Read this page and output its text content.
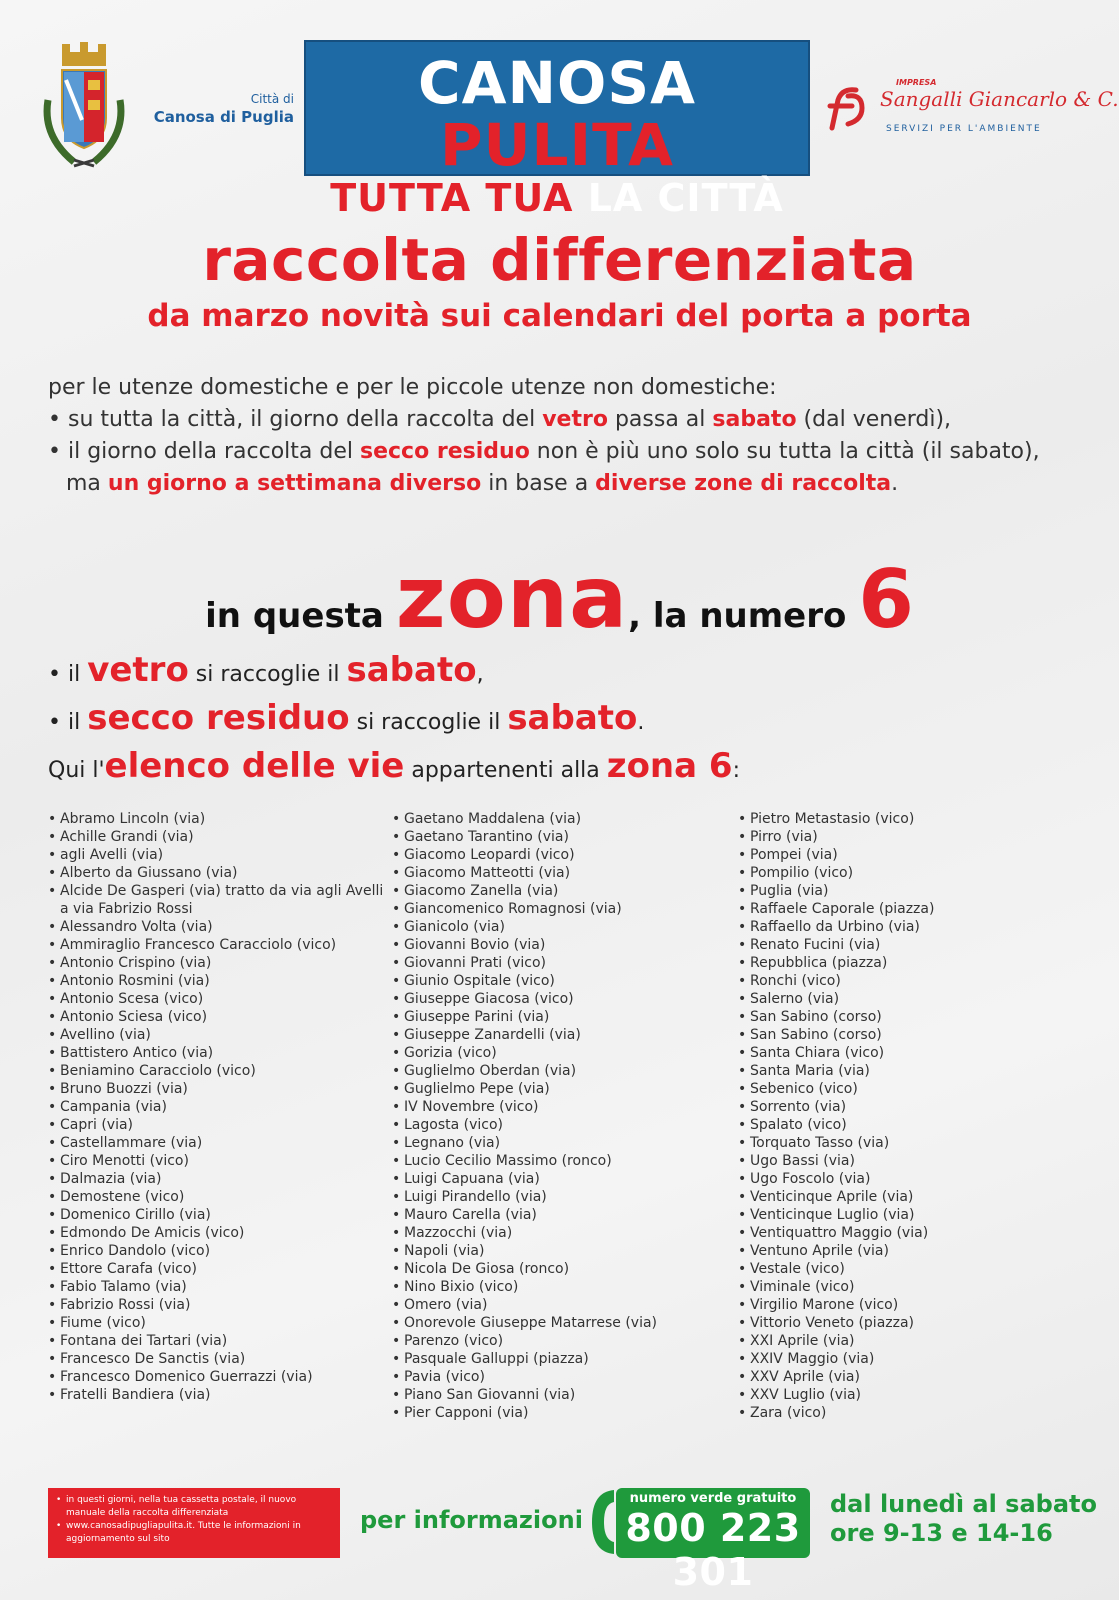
Città di
Canosa di Puglia	CANOSA PULITA
TUTTA TUA LA CITTÀ
IMPRESA
Sangalli Giancarlo & C.
SERVIZI PER L'AMBIENTE
raccolta differenziata
da marzo novità sui calendari del porta a porta

per le utenze domestiche e per le piccole utenze non domestiche:

• su tutta la città, il giorno della raccolta del vetro passa al sabato (dal venerdì),

• il giorno della raccolta del secco residuo non è più uno solo su tutta la città (il sabato), ma un giorno a settimana diverso in base a diverse zone di raccolta.

in questa zona, la numero 6
• il vetro si raccoglie il sabato,
• il secco residuo si raccoglie il sabato.
Qui l'elenco delle vie appartenenti alla zona 6:
• Abramo Lincoln (via)
• Achille Grandi (via)
• agli Avelli (via)
• Alberto da Giussano (via)
• Alcide De Gasperi (via) tratto da via agli Avelli a via Fabrizio Rossi
• Alessandro Volta (via)
• Ammiraglio Francesco Caracciolo (vico)
• Antonio Crispino (via)
• Antonio Rosmini (via)
• Antonio Scesa (vico)
• Antonio Sciesa (vico)
• Avellino (via)
• Battistero Antico (via)
• Beniamino Caracciolo (vico)
• Bruno Buozzi (via)
• Campania (via)
• Capri (via)
• Castellammare (via)
• Ciro Menotti (vico)
• Dalmazia (via)
• Demostene (vico)
• Domenico Cirillo (via)
• Edmondo De Amicis (vico)
• Enrico Dandolo (vico)
• Ettore Carafa (vico)
• Fabio Talamo (via)
• Fabrizio Rossi (via)
• Fiume (vico)
• Fontana dei Tartari (via)
• Francesco De Sanctis (via)
• Francesco Domenico Guerrazzi (via)
• Fratelli Bandiera (via)
• Gaetano Maddalena (via)
• Gaetano Tarantino (via)
• Giacomo Leopardi (vico)
• Giacomo Matteotti (via)
• Giacomo Zanella (via)
• Giancomenico Romagnosi (via)
• Gianicolo (via)
• Giovanni Bovio (via)
• Giovanni Prati (vico)
• Giunio Ospitale (vico)
• Giuseppe Giacosa (vico)
• Giuseppe Parini (via)
• Giuseppe Zanardelli (via)
• Gorizia (vico)
• Guglielmo Oberdan (via)
• Guglielmo Pepe (via)
• IV Novembre (vico)
• Lagosta (vico)
• Legnano (via)
• Lucio Cecilio Massimo (ronco)
• Luigi Capuana (via)
• Luigi Pirandello (via)
• Mauro Carella (via)
• Mazzocchi (via)
• Napoli (via)
• Nicola De Giosa (ronco)
• Nino Bixio (vico)
• Omero (via)
• Onorevole Giuseppe Matarrese (via)
• Parenzo (vico)
• Pasquale Galluppi (piazza)
• Pavia (vico)
• Piano San Giovanni (via)
• Pier Capponi (via)
• Pietro Metastasio (vico)
• Pirro (via)
• Pompei (via)
• Pompilio (vico)
• Puglia (via)
• Raffaele Caporale (piazza)
• Raffaello da Urbino (via)
• Renato Fucini (via)
• Repubblica (piazza)
• Ronchi (vico)
• Salerno (via)
• San Sabino (corso)
• San Sabino (corso)
• Santa Chiara (vico)
• Santa Maria (via)
• Sebenico (vico)
• Sorrento (via)
• Spalato (vico)
• Torquato Tasso (via)
• Ugo Bassi (via)
• Ugo Foscolo (via)
• Venticinque Aprile (via)
• Venticinque Luglio (via)
• Ventiquattro Maggio (via)
• Ventuno Aprile (via)
• Vestale (vico)
• Viminale (vico)
• Virgilio Marone (vico)
• Vittorio Veneto (piazza)
• XXI Aprile (via)
• XXIV Maggio (via)
• XXV Aprile (via)
• XXV Luglio (via)
• Zara (vico)
• in questi giorni, nella tua cassetta postale, il nuovo manuale della raccolta differenziata
• www.canosadipugliapulita.it. Tutte le informazioni in aggiornamento sul sito
per informazioni
numero verde gratuito
800 223 301
dal lunedì al sabato
ore 9-13 e 14-16
